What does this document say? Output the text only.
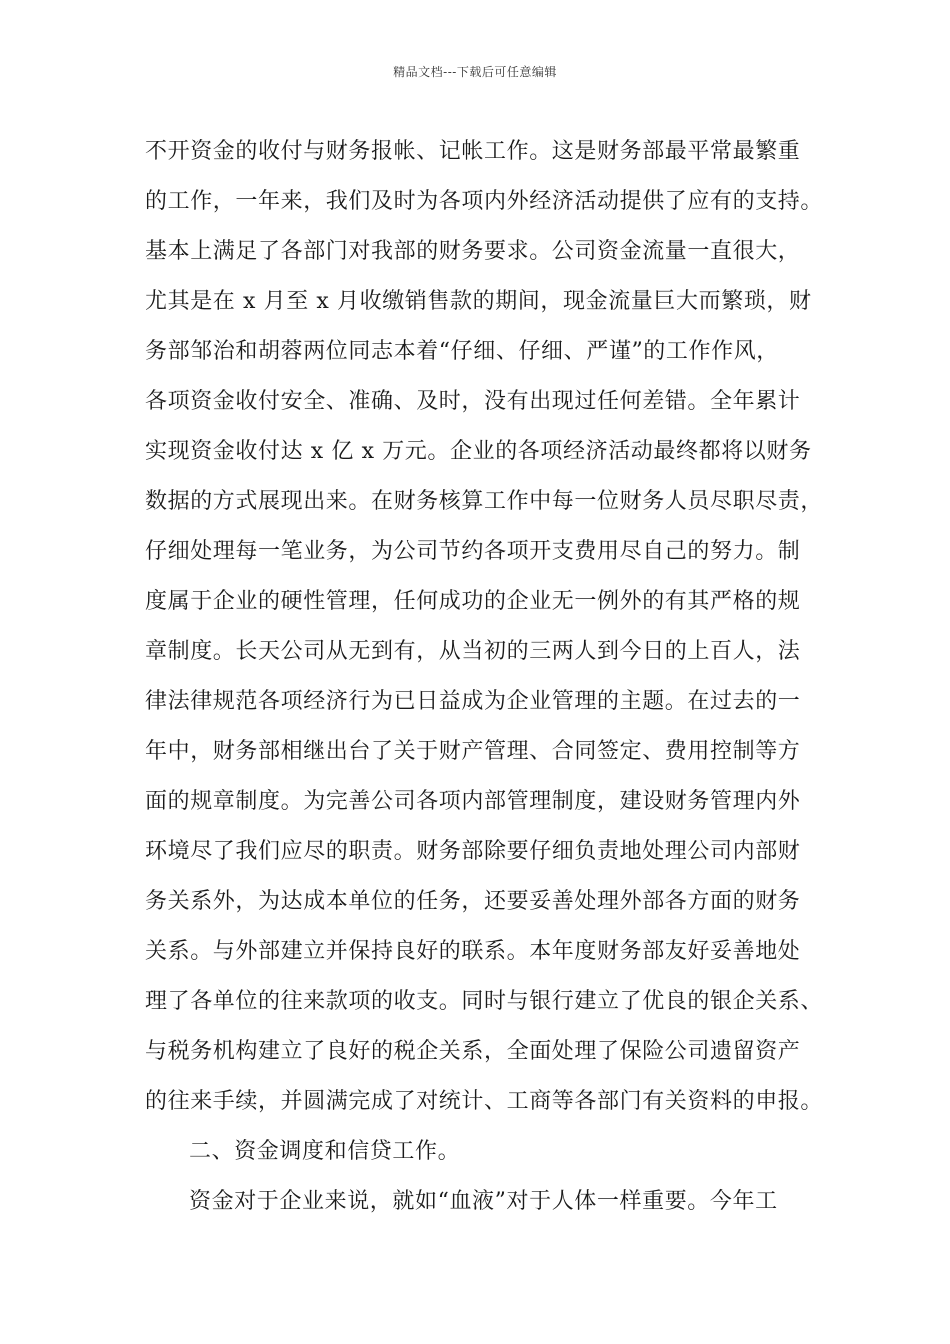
精品文档---下载后可任意编辑
不开资金的收付与财务报帐、记帐工作。这是财务部最平常最繁重
的工作，一年来，我们及时为各项内外经济活动提供了应有的支持。
基本上满足了各部门对我部的财务要求。公司资金流量一直很大，
尤其是在 x 月至 x 月收缴销售款的期间，现金流量巨大而繁琐，财
务部邹治和胡蓉两位同志本着“仔细、仔细、严谨”的工作作风，
各项资金收付安全、准确、及时，没有出现过任何差错。全年累计
实现资金收付达 x 亿 x 万元。企业的各项经济活动最终都将以财务
数据的方式展现出来。在财务核算工作中每一位财务人员尽职尽责，
仔细处理每一笔业务，为公司节约各项开支费用尽自己的努力。制
度属于企业的硬性管理，任何成功的企业无一例外的有其严格的规
章制度。长天公司从无到有，从当初的三两人到今日的上百人，法
律法律规范各项经济行为已日益成为企业管理的主题。在过去的一
年中，财务部相继出台了关于财产管理、合同签定、费用控制等方
面的规章制度。为完善公司各项内部管理制度，建设财务管理内外
环境尽了我们应尽的职责。财务部除要仔细负责地处理公司内部财
务关系外，为达成本单位的任务，还要妥善处理外部各方面的财务
关系。与外部建立并保持良好的联系。本年度财务部友好妥善地处
理了各单位的往来款项的收支。同时与银行建立了优良的银企关系、
与税务机构建立了良好的税企关系，全面处理了保险公司遗留资产
的往来手续，并圆满完成了对统计、工商等各部门有关资料的申报。
二、资金调度和信贷工作。
资金对于企业来说，就如“血液”对于人体一样重要。今年工
